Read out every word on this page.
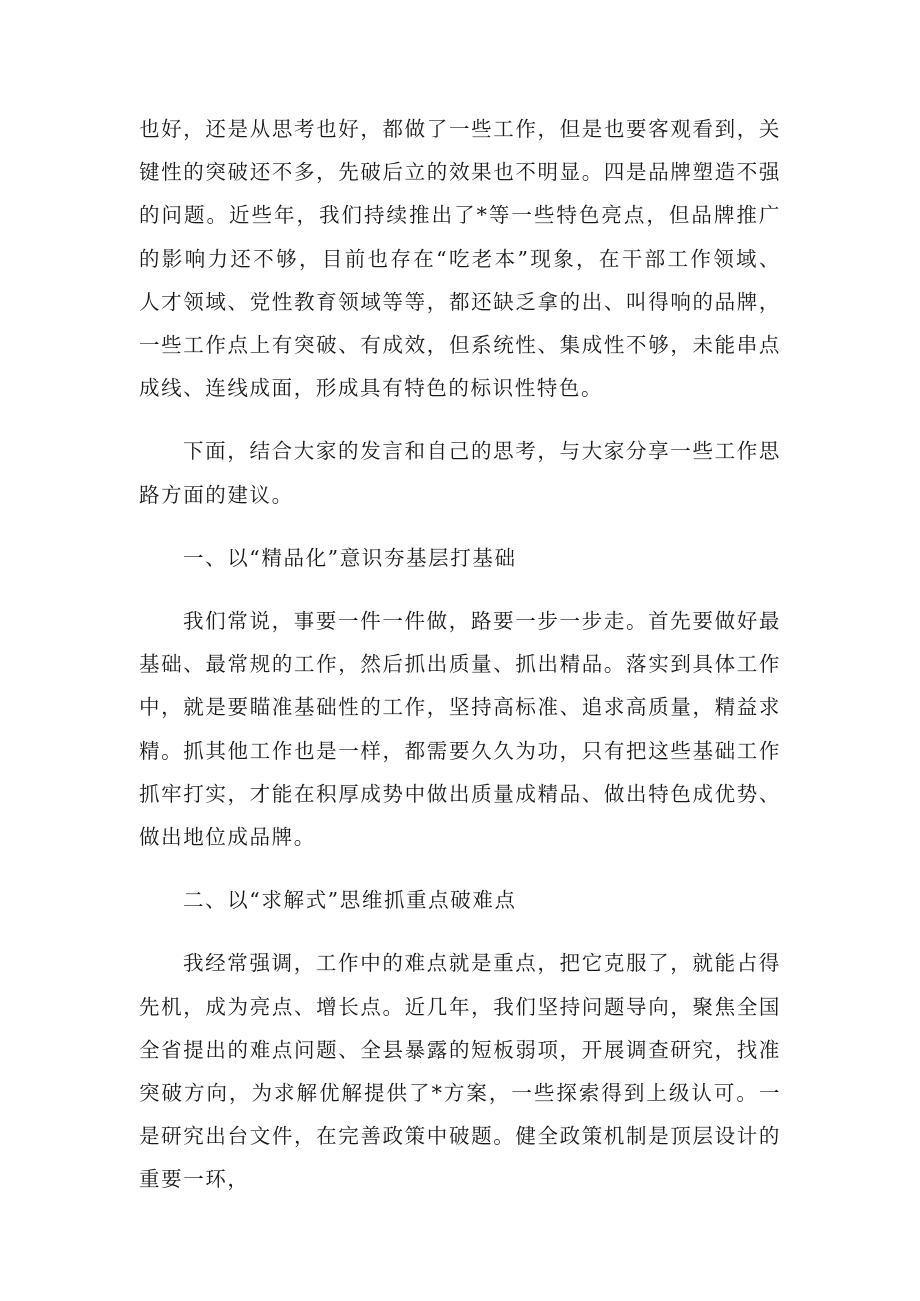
也好，还是从思考也好，都做了一些工作，但是也要客观看到，关键性的突破还不多，先破后立的效果也不明显。四是品牌塑造不强的问题。近些年，我们持续推出了*等一些特色亮点，但品牌推广的影响力还不够，目前也存在“吃老本”现象，在干部工作领域、人才领域、党性教育领域等等，都还缺乏拿的出、叫得响的品牌，一些工作点上有突破、有成效，但系统性、集成性不够，未能串点成线、连线成面，形成具有特色的标识性特色。

下面，结合大家的发言和自己的思考，与大家分享一些工作思路方面的建议。

一、以“精品化”意识夯基层打基础

我们常说，事要一件一件做，路要一步一步走。首先要做好最基础、最常规的工作，然后抓出质量、抓出精品。落实到具体工作中，就是要瞄准基础性的工作，坚持高标准、追求高质量，精益求精。抓其他工作也是一样，都需要久久为功，只有把这些基础工作抓牢打实，才能在积厚成势中做出质量成精品、做出特色成优势、做出地位成品牌。

二、以“求解式”思维抓重点破难点

我经常强调，工作中的难点就是重点，把它克服了，就能占得先机，成为亮点、增长点。近几年，我们坚持问题导向，聚焦全国全省提出的难点问题、全县暴露的短板弱项，开展调查研究，找准突破方向，为求解优解提供了*方案，一些探索得到上级认可。一是研究出台文件，在完善政策中破题。健全政策机制是顶层设计的重要一环，
